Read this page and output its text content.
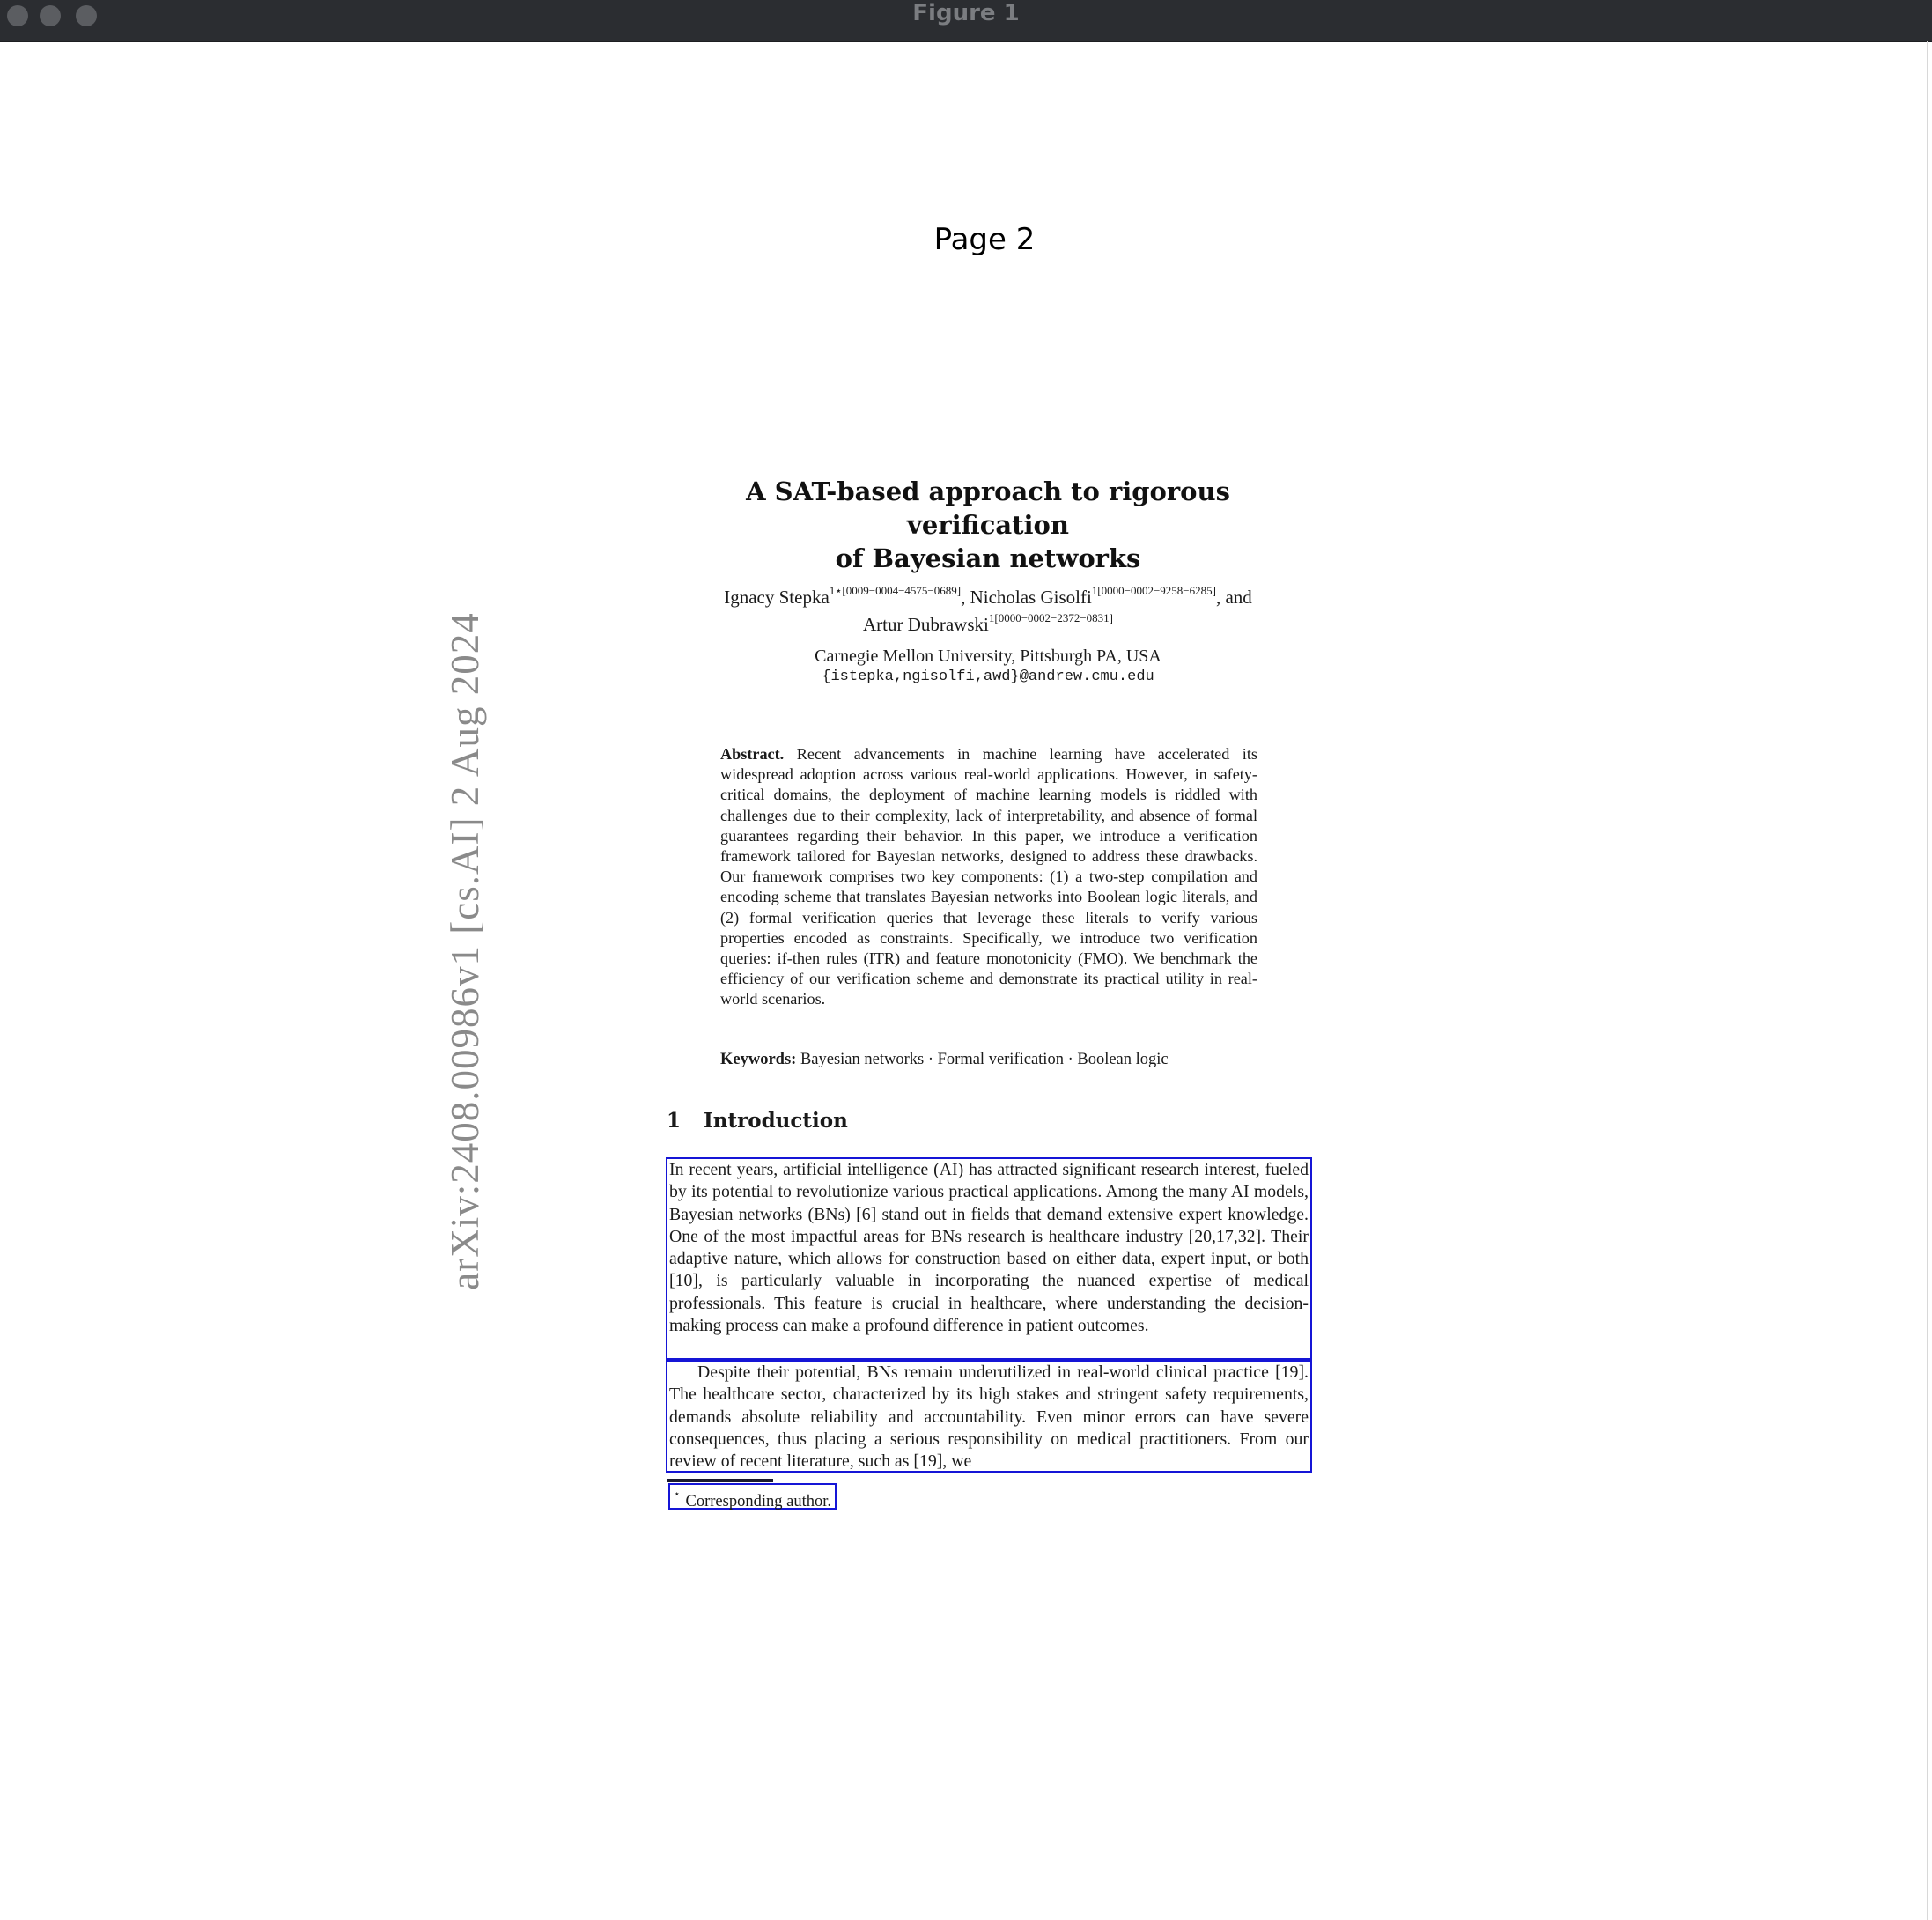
Figure 1
Page 2
arXiv:2408.00986v1 [cs.AI] 2 Aug 2024
A SAT-based approach to rigorous verification
of Bayesian networks
Ignacy Stepka$^{1⋆[0009-0004-4575-0689]}$, Nicholas Gisolfi$^{1[0000-0002-9258-6285]}$, and
Artur Dubrawski$^{1[0000-0002-2372-0831]}$
Carnegie Mellon University, Pittsburgh PA, USA
{istepka,ngisolfi,awd}@andrew.cmu.edu
Abstract. Recent advancements in machine learning have accelerated its widespread adoption across various real-world applications. However, in safety-critical domains, the deployment of machine learning models is riddled with challenges due to their complexity, lack of interpretability, and absence of formal guarantees regarding their behavior. In this paper, we introduce a verification framework tailored for Bayesian networks, designed to address these drawbacks. Our framework comprises two key components: (1) a two-step compilation and encoding scheme that translates Bayesian networks into Boolean logic literals, and (2) formal verification queries that leverage these literals to verify various properties encoded as constraints. Specifically, we introduce two verification queries: if-then rules (ITR) and feature monotonicity (FMO). We benchmark the efficiency of our verification scheme and demonstrate its practical utility in real-world scenarios.
Keywords: Bayesian networks · Formal verification · Boolean logic
1 Introduction
In recent years, artificial intelligence (AI) has attracted significant research interest, fueled by its potential to revolutionize various practical applications. Among the many AI models, Bayesian networks (BNs) [6] stand out in fields that demand extensive expert knowledge. One of the most impactful areas for BNs research is healthcare industry [20,17,32]. Their adaptive nature, which allows for construction based on either data, expert input, or both [10], is particularly valuable in incorporating the nuanced expertise of medical professionals. This feature is crucial in healthcare, where understanding the decision-making process can make a profound difference in patient outcomes.
Despite their potential, BNs remain underutilized in real-world clinical practice [19]. The healthcare sector, characterized by its high stakes and stringent safety requirements, demands absolute reliability and accountability. Even minor errors can have severe consequences, thus placing a serious responsibility on medical practitioners. From our review of recent literature, such as [19], we
⋆ Corresponding author.
